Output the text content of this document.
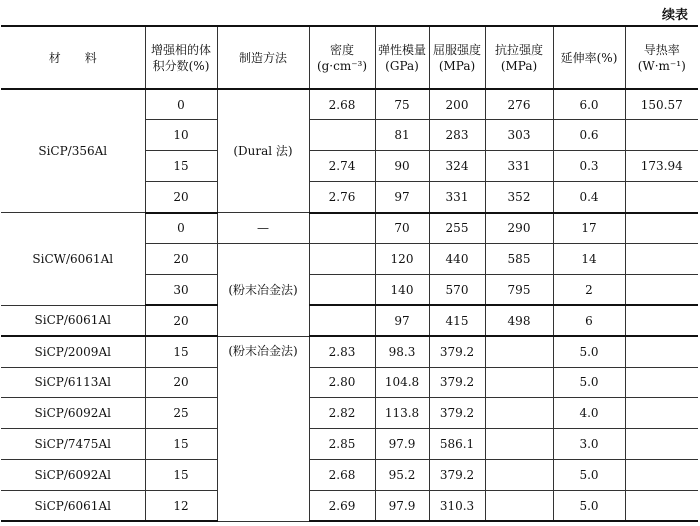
续表
材　　料	增强相的体积分数(%)	制造方法	密度(g·cm⁻³)	弹性模量(GPa)	屈服强度(MPa)	抗拉强度(MPa)	延伸率(%)	导热率(W·m⁻¹)
SiCP/356Al	0	(Dural 法)	2.68	75	200	276	6.0	150.57
	10			81	283	303	0.6	
	15		2.74	90	324	331	0.3	173.94
	20		2.76	97	331	352	0.4	
SiCW/6061Al	0	—		70	255	290	17	
	20	(粉末冶金法)		120	440	585	14	
	30			140	570	795	2	
SiCP/6061Al	20			97	415	498	6	
SiCP/2009Al	15	(粉末冶金法)	2.83	98.3	379.2		5.0	
SiCP/6113Al	20		2.80	104.8	379.2		5.0	
SiCP/6092Al	25		2.82	113.8	379.2		4.0	
SiCP/7475Al	15		2.85	97.9	586.1		3.0	
SiCP/6092Al	15		2.68	95.2	379.2		5.0	
SiCP/6061Al	12		2.69	97.9	310.3		5.0	
